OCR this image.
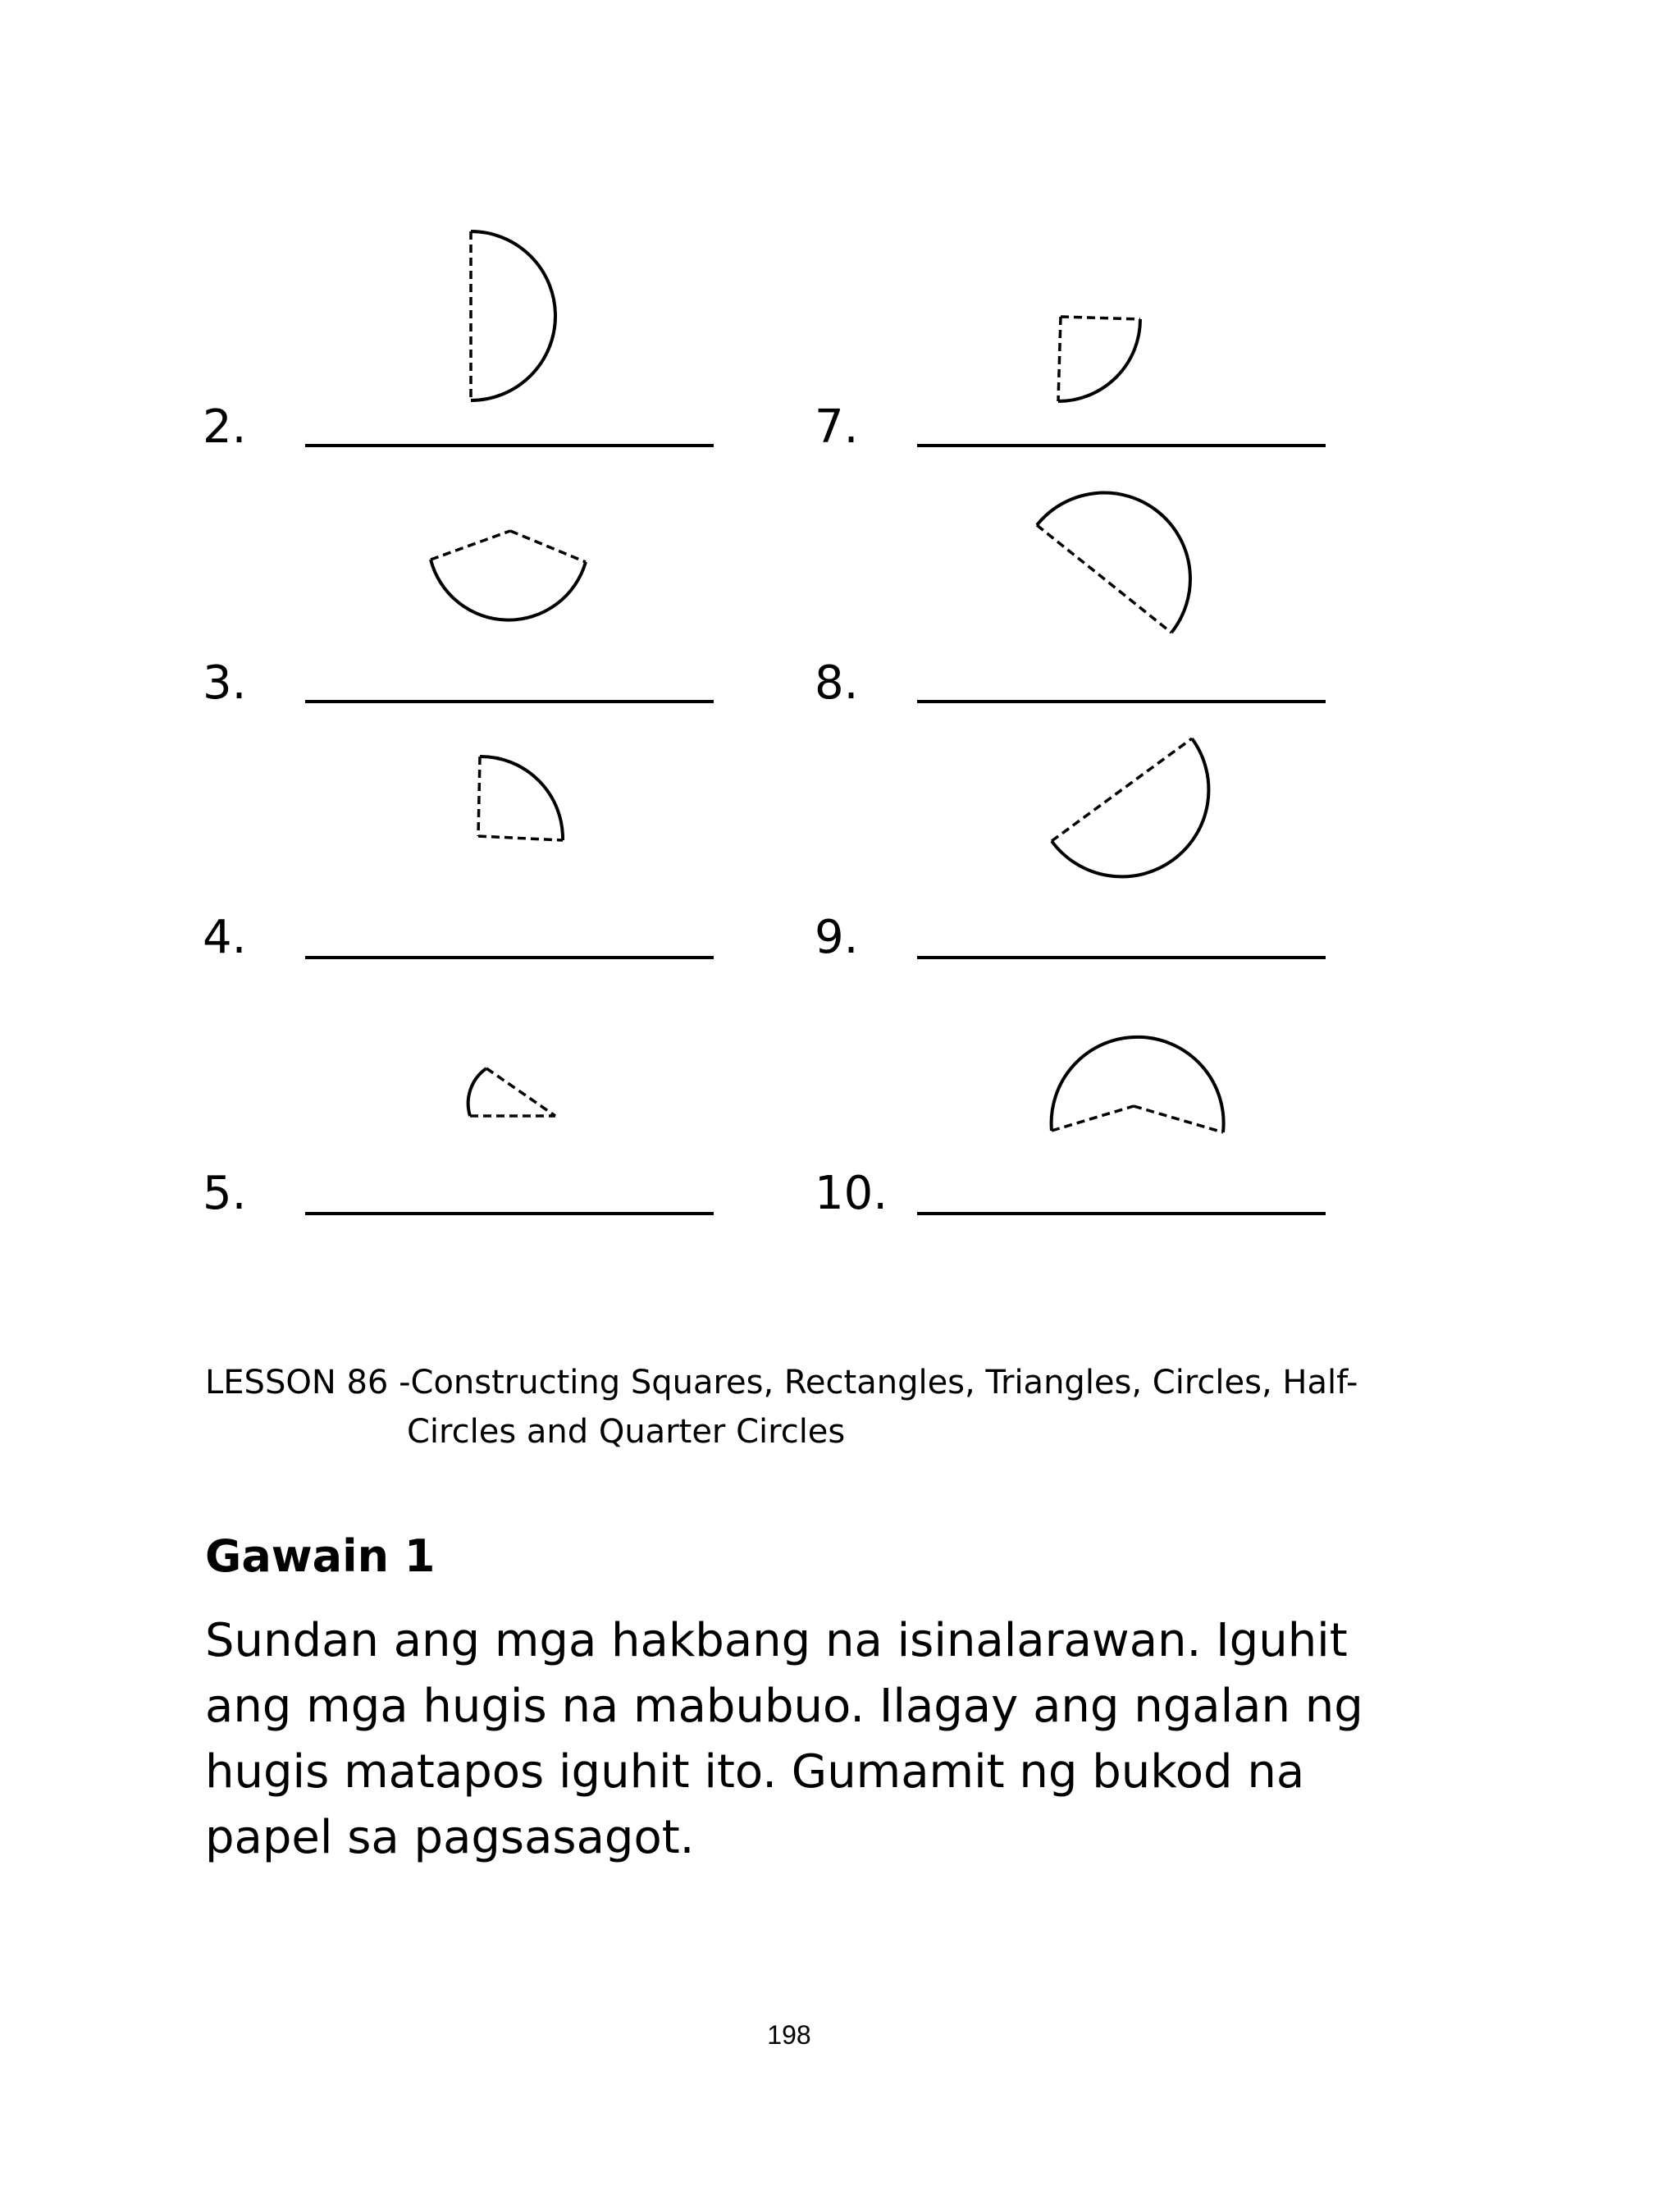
2.
3.
4.
5.
7.
8.
9.
10.
LESSON 86 -Constructing Squares, Rectangles, Triangles, Circles, Half-
Circles and Quarter Circles
Gawain 1
Sundan ang mga hakbang na isinalarawan. Iguhit ang mga hugis na mabubuo. Ilagay ang ngalan ng hugis matapos iguhit ito. Gumamit ng bukod na papel sa pagsasagot.
198
